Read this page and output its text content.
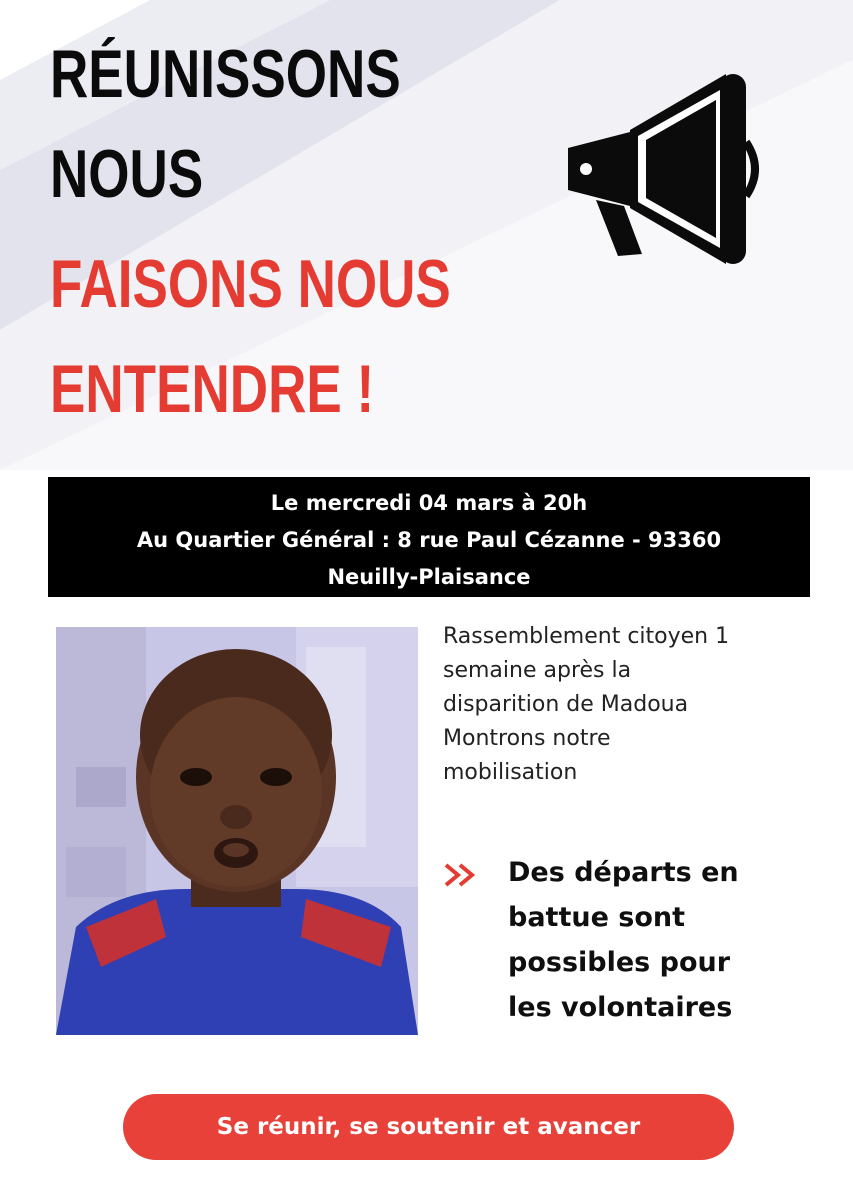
RÉUNISSONS
NOUS
FAISONS NOUS
ENTENDRE !
Le mercredi 04 mars à 20h
Au Quartier Général : 8 rue Paul Cézanne - 93360
Neuilly-Plaisance

Rassemblement citoyen 1
semaine après la
disparition de Madoua
Montrons notre
mobilisation

Des départs en
battue sont
possibles pour
les volontaires

Se réunir, se soutenir et avancer
